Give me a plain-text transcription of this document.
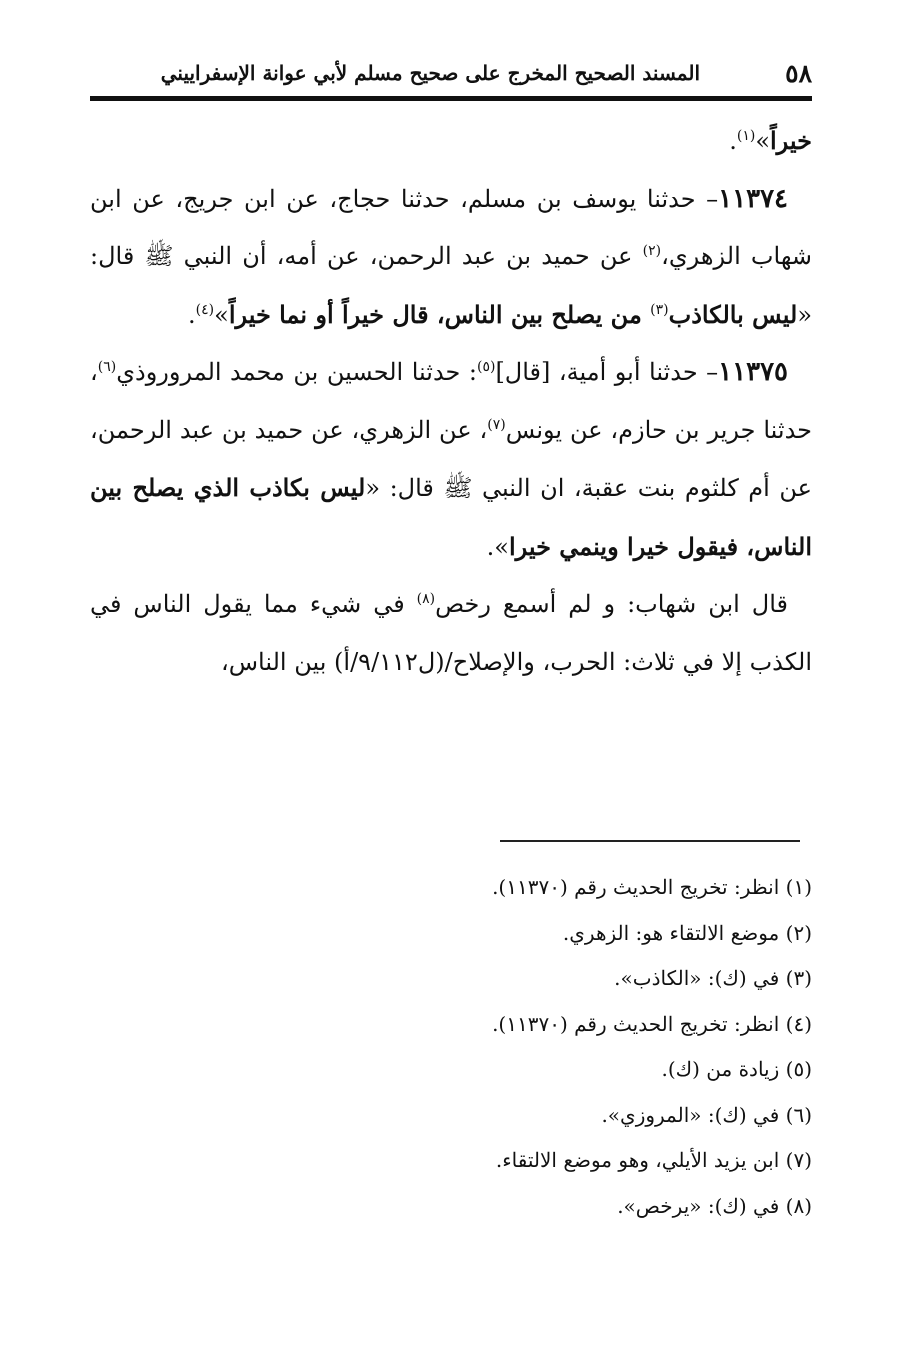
٥٨
المسند الصحيح المخرج على صحيح مسلم لأبي عوانة الإسفراييني

خيراً»$^{(١)}$.

 ١١٣٧٤– حدثنا يوسف بن مسلم، حدثنا حجاج، عن ابن جريج، عن ابن شهاب الزهري،$^{(٢)}$ عن حميد بن عبد الرحمن، عن أمه، أن النبي ﷺ قال: «ليس بالكاذب$^{(٣)}$ من يصلح بين الناس، قال خيراً أو نما خيراً»$^{(٤)}$.

 ١١٣٧٥– حدثنا أبو أمية، [قال]$^{(٥)}$: حدثنا الحسين بن محمد المروروذي$^{(٦)}$، حدثنا جرير بن حازم، عن يونس$^{(٧)}$، عن الزهري، عن حميد بن عبد الرحمن، عن أم كلثوم بنت عقبة، ان النبي ﷺ قال: «ليس بكاذب الذي يصلح بين الناس، فيقول خيرا وينمي خيرا».

 قال ابن شهاب: و لم أسمع رخص$^{(٨)}$ في شيء مما يقول الناس في الكذب إلا في ثلاث: الحرب، والإصلاح/(ل٩/١١٢/أ) بين الناس،

(١) انظر: تخريج الحديث رقم (١١٣٧٠).
(٢) موضع الالتقاء هو: الزهري.
(٣) في (ك): «الكاذب».
(٤) انظر: تخريج الحديث رقم (١١٣٧٠).
(٥) زيادة من (ك).
(٦) في (ك): «المروزي».
(٧) ابن يزيد الأيلي، وهو موضع الالتقاء.
(٨) في (ك): «يرخص».
